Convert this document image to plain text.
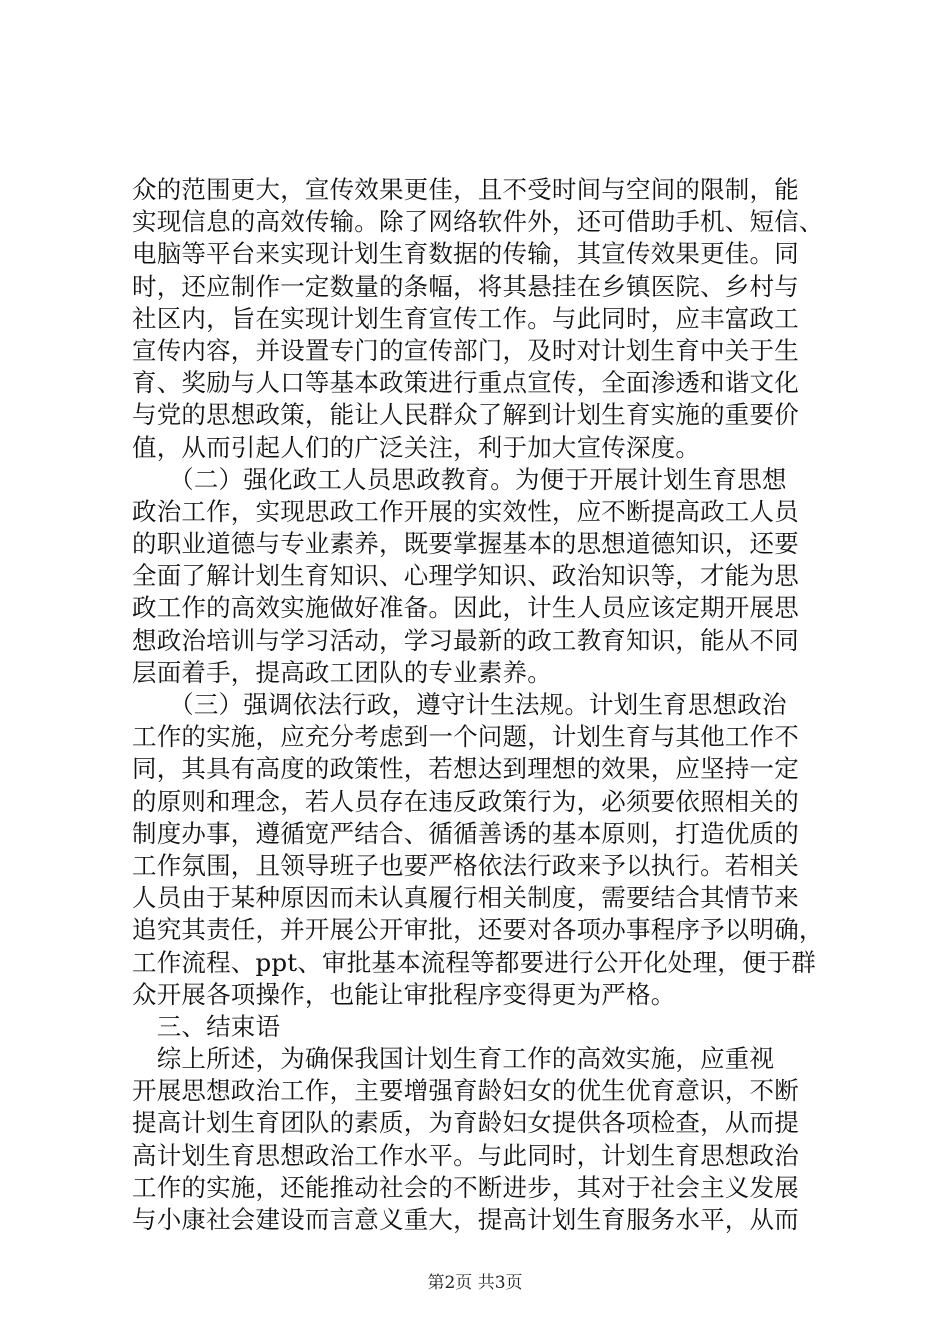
众的范围更大，宣传效果更佳，且不受时间与空间的限制，能
实现信息的高效传输。除了网络软件外，还可借助手机、短信、
电脑等平台来实现计划生育数据的传输，其宣传效果更佳。同
时，还应制作一定数量的条幅，将其悬挂在乡镇医院、乡村与
社区内，旨在实现计划生育宣传工作。与此同时，应丰富政工
宣传内容，并设置专门的宣传部门，及时对计划生育中关于生
育、奖励与人口等基本政策进行重点宣传，全面渗透和谐文化
与党的思想政策，能让人民群众了解到计划生育实施的重要价
值，从而引起人们的广泛关注，利于加大宣传深度。
　　（二）强化政工人员思政教育。为便于开展计划生育思想
政治工作，实现思政工作开展的实效性，应不断提高政工人员
的职业道德与专业素养，既要掌握基本的思想道德知识，还要
全面了解计划生育知识、心理学知识、政治知识等，才能为思
政工作的高效实施做好准备。因此，计生人员应该定期开展思
想政治培训与学习活动，学习最新的政工教育知识，能从不同
层面着手，提高政工团队的专业素养。
　　（三）强调依法行政，遵守计生法规。计划生育思想政治
工作的实施，应充分考虑到一个问题，计划生育与其他工作不
同，其具有高度的政策性，若想达到理想的效果，应坚持一定
的原则和理念，若人员存在违反政策行为，必须要依照相关的
制度办事，遵循宽严结合、循循善诱的基本原则，打造优质的
工作氛围，且领导班子也要严格依法行政来予以执行。若相关
人员由于某种原因而未认真履行相关制度，需要结合其情节来
追究其责任，并开展公开审批，还要对各项办事程序予以明确，
工作流程、ppt、审批基本流程等都要进行公开化处理，便于群
众开展各项操作，也能让审批程序变得更为严格。
　三、结束语
　综上所述，为确保我国计划生育工作的高效实施，应重视
开展思想政治工作，主要增强育龄妇女的优生优育意识，不断
提高计划生育团队的素质，为育龄妇女提供各项检查，从而提
高计划生育思想政治工作水平。与此同时，计划生育思想政治
工作的实施，还能推动社会的不断进步，其对于社会主义发展
与小康社会建设而言意义重大，提高计划生育服务水平，从而
第2页 共3页
